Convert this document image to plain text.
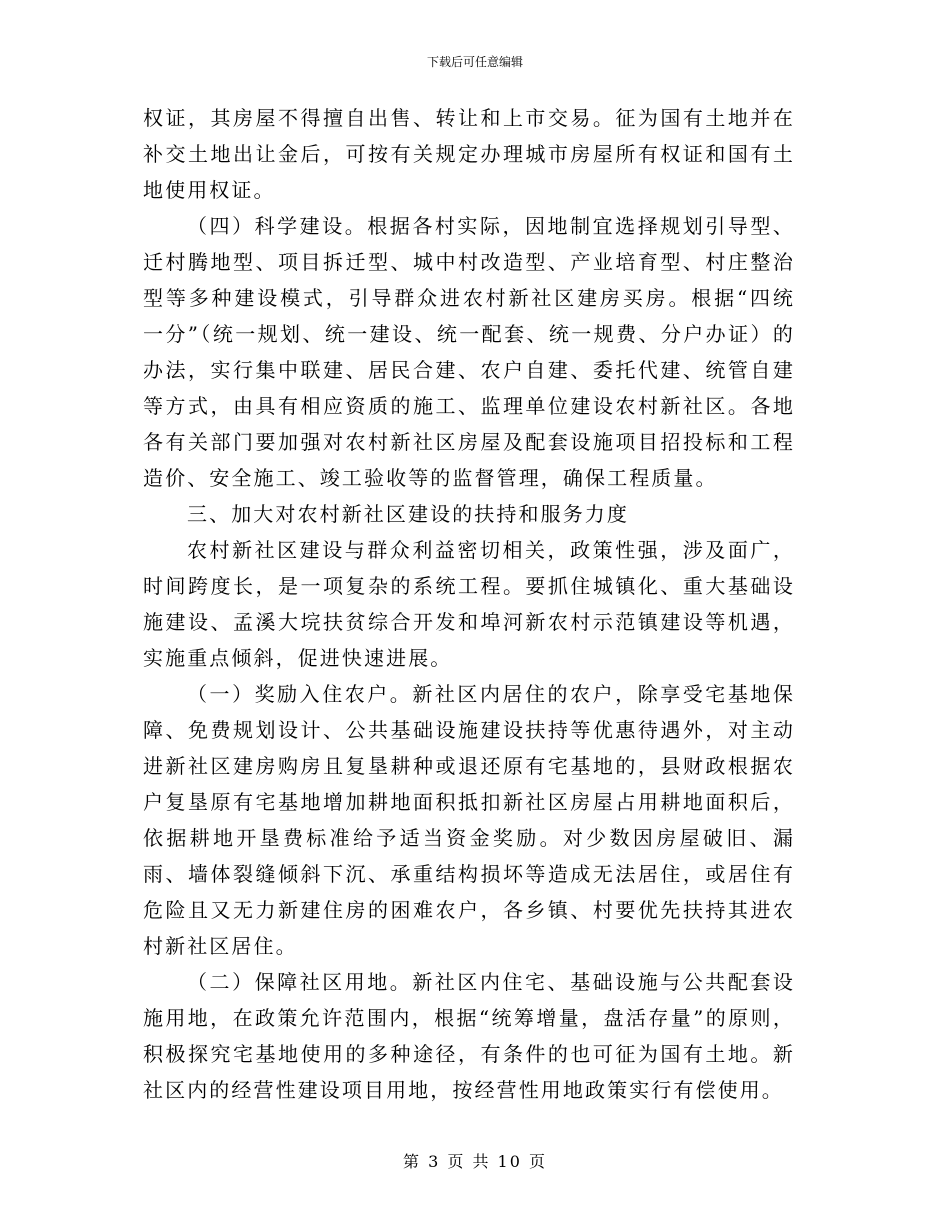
下载后可任意编辑

权证，其房屋不得擅自出售、转让和上市交易。征为国有土地并在补交土地出让金后，可按有关规定办理城市房屋所有权证和国有土地使用权证。

（四）科学建设。根据各村实际，因地制宜选择规划引导型、迁村腾地型、项目拆迁型、城中村改造型、产业培育型、村庄整治型等多种建设模式，引导群众进农村新社区建房买房。根据“四统一分”（统一规划、统一建设、统一配套、统一规费、分户办证）的办法，实行集中联建、居民合建、农户自建、委托代建、统管自建等方式，由具有相应资质的施工、监理单位建设农村新社区。各地各有关部门要加强对农村新社区房屋及配套设施项目招投标和工程造价、安全施工、竣工验收等的监督管理，确保工程质量。

三、加大对农村新社区建设的扶持和服务力度

农村新社区建设与群众利益密切相关，政策性强，涉及面广，时间跨度长，是一项复杂的系统工程。要抓住城镇化、重大基础设施建设、孟溪大垸扶贫综合开发和埠河新农村示范镇建设等机遇，实施重点倾斜，促进快速进展。

（一）奖励入住农户。新社区内居住的农户，除享受宅基地保障、免费规划设计、公共基础设施建设扶持等优惠待遇外，对主动进新社区建房购房且复垦耕种或退还原有宅基地的，县财政根据农户复垦原有宅基地增加耕地面积抵扣新社区房屋占用耕地面积后，依据耕地开垦费标准给予适当资金奖励。对少数因房屋破旧、漏雨、墙体裂缝倾斜下沉、承重结构损坏等造成无法居住，或居住有危险且又无力新建住房的困难农户，各乡镇、村要优先扶持其进农村新社区居住。

（二）保障社区用地。新社区内住宅、基础设施与公共配套设施用地，在政策允许范围内，根据“统筹增量，盘活存量”的原则，积极探究宅基地使用的多种途径，有条件的也可征为国有土地。新社区内的经营性建设项目用地，按经营性用地政策实行有偿使用。

第 3 页 共 10 页
